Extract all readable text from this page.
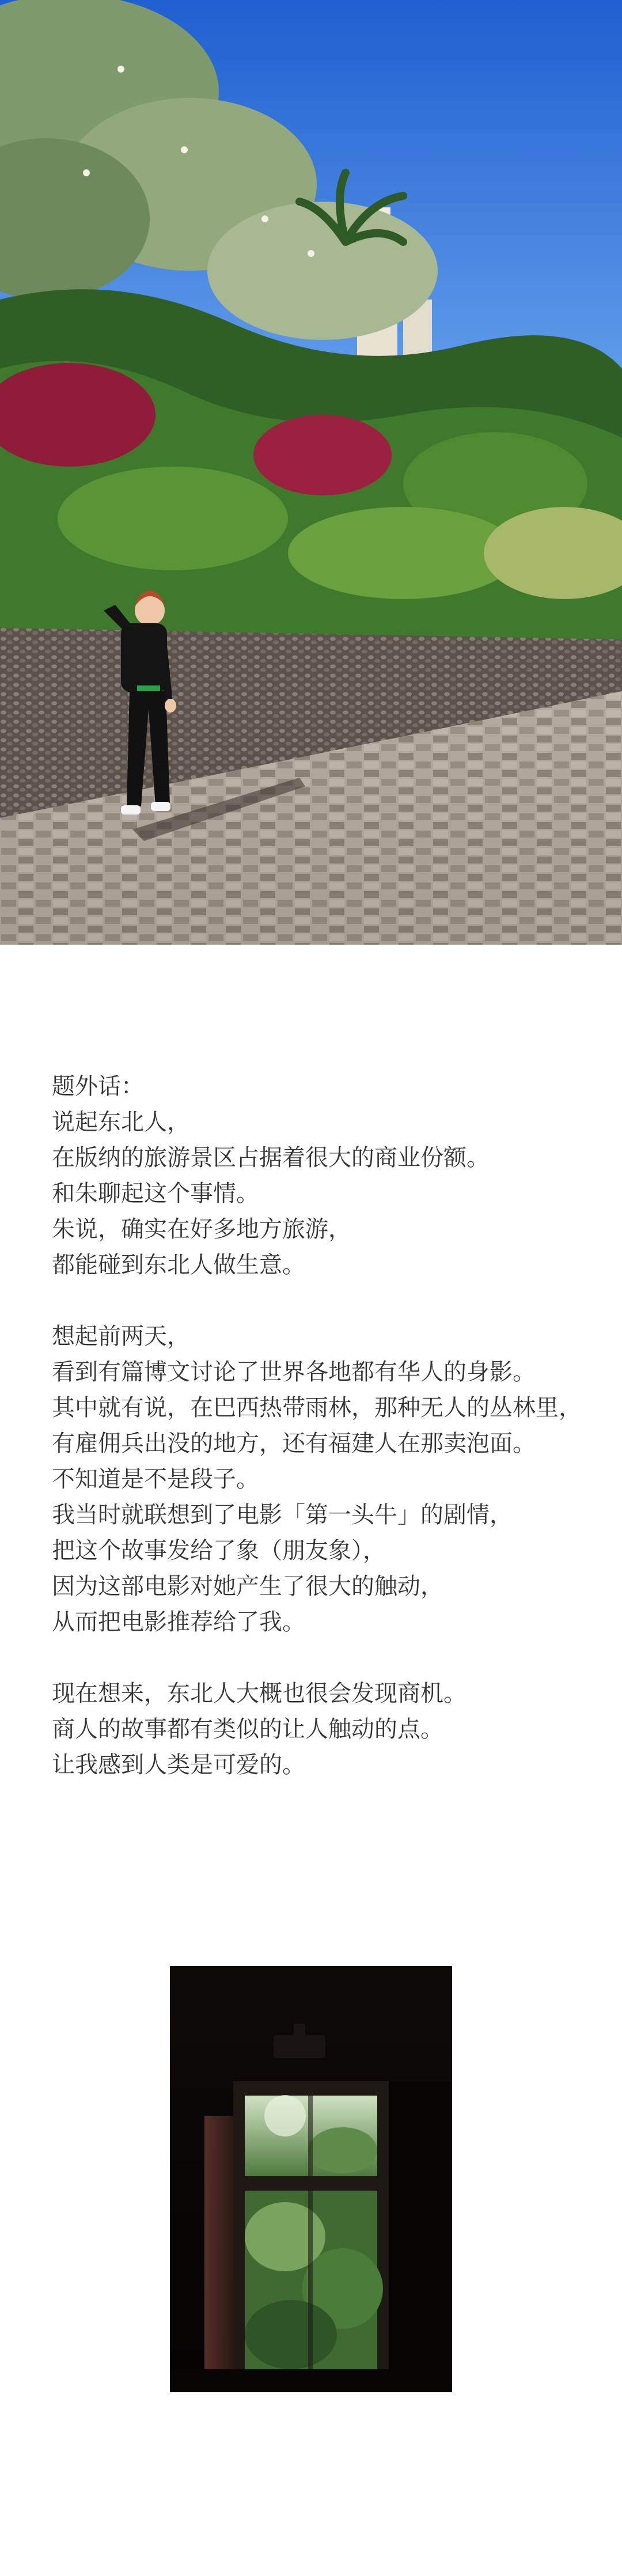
题外话：
说起东北人，
在版纳的旅游景区占据着很大的商业份额。
和朱聊起这个事情。
朱说，确实在好多地方旅游，
都能碰到东北人做生意。
想起前两天，
看到有篇博文讨论了世界各地都有华人的身影。
其中就有说，在巴西热带雨林，那种无人的丛林里，
有雇佣兵出没的地方，还有福建人在那卖泡面。
不知道是不是段子。
我当时就联想到了电影「第一头牛」的剧情，
把这个故事发给了象（朋友象），
因为这部电影对她产生了很大的触动，
从而把电影推荐给了我。
现在想来，东北人大概也很会发现商机。
商人的故事都有类似的让人触动的点。
让我感到人类是可爱的。
